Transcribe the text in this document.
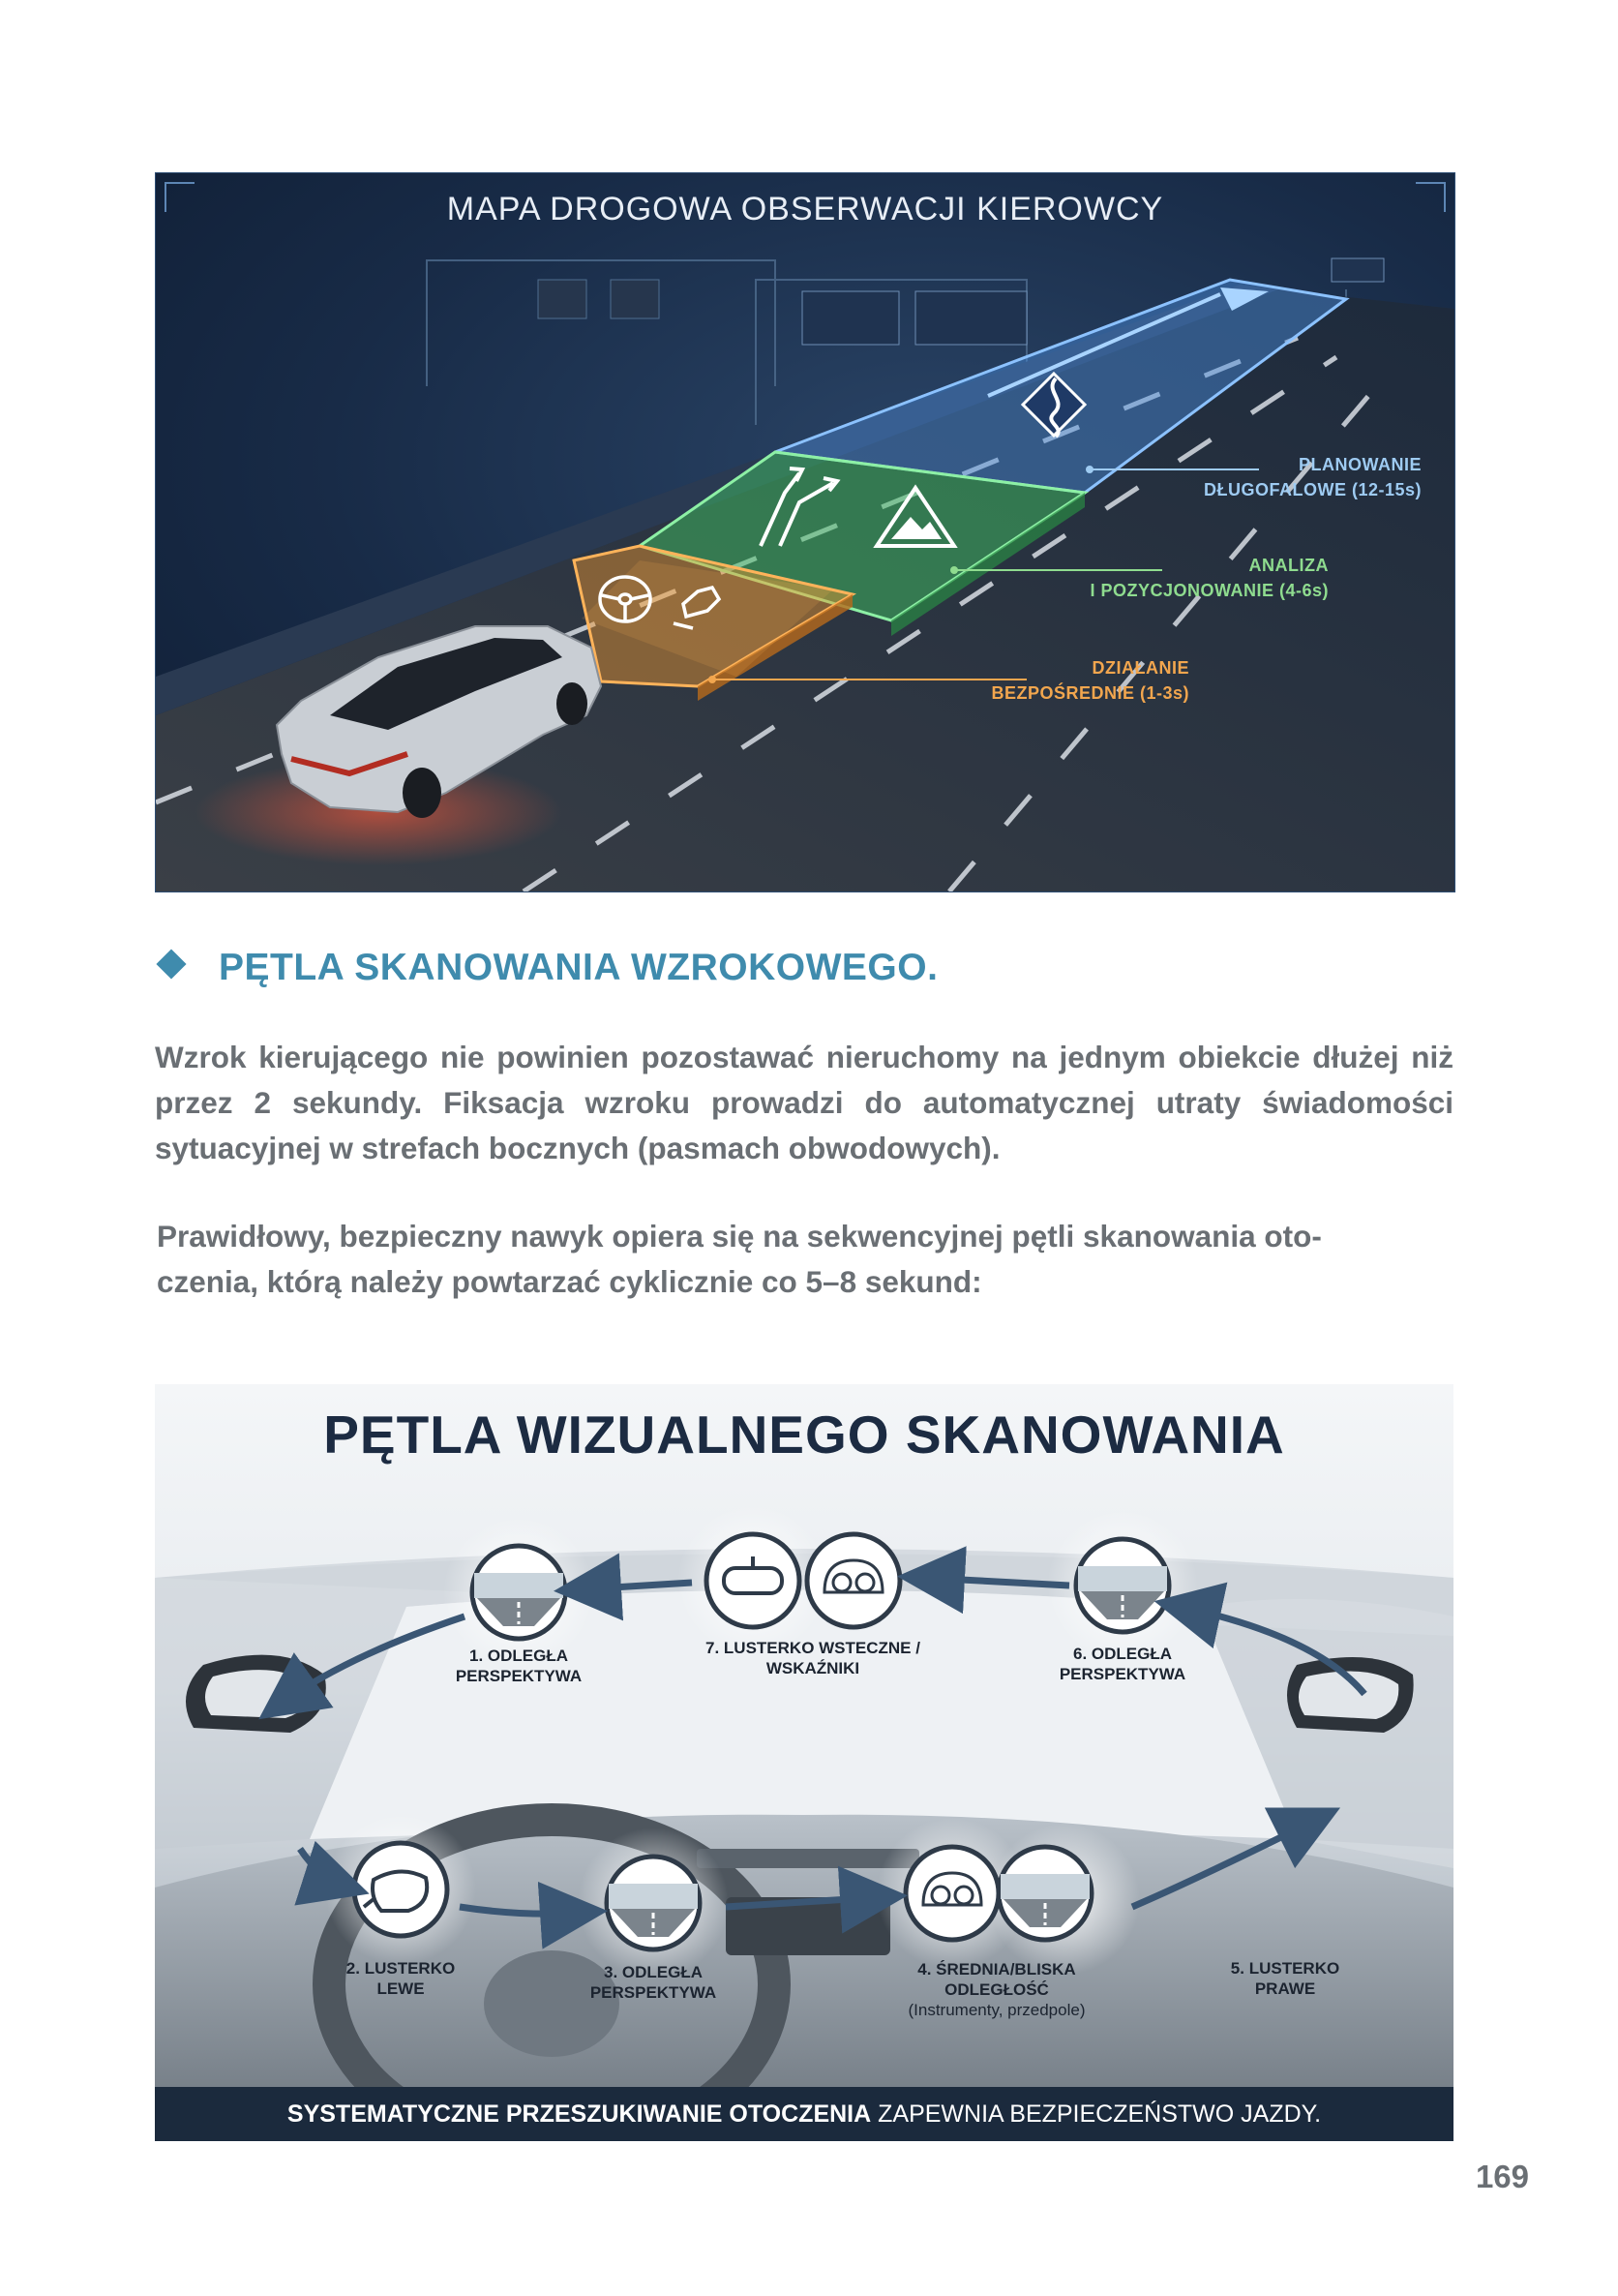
MAPA DROGOWA OBSERWACJI KIEROWCY
PLANOWANIE
DŁUGOFALOWE (12-15s)
ANALIZA
I POZYCJONOWANIE (4-6s)
DZIAŁANIE
BEZPOŚREDNIE (1-3s)
PĘTLA SKANOWANIA WZROKOWEGO.

Wzrok kierującego nie powinien pozostawać nieruchomy na jednym obiekcie dłużej niż przez 2 sekundy. Fiksacja wzroku prowadzi do automatycznej utraty świadomości sytuacyjnej w strefach bocznych (pasmach obwodowych).

Prawidłowy, bezpieczny nawyk opiera się na sekwencyjnej pętli skanowania oto-
czenia, którą należy powtarzać cyklicznie co 5–8 sekund:
PĘTLA WIZUALNEGO SKANOWANIA
1. ODLEGŁA
PERSPEKTYWA
7. LUSTERKO WSTECZNE /
WSKAŹNIKI
6. ODLEGŁA
PERSPEKTYWA
2. LUSTERKO
LEWE
3. ODLEGŁA
PERSPEKTYWA
4. ŚREDNIA/BLISKA
ODLEGŁOŚĆ
(Instrumenty, przedpole)
5. LUSTERKO
PRAWE
SYSTEMATYCZNE PRZESZUKIWANIE OTOCZENIA ZAPEWNIA BEZPIECZEŃSTWO JAZDY.

169
